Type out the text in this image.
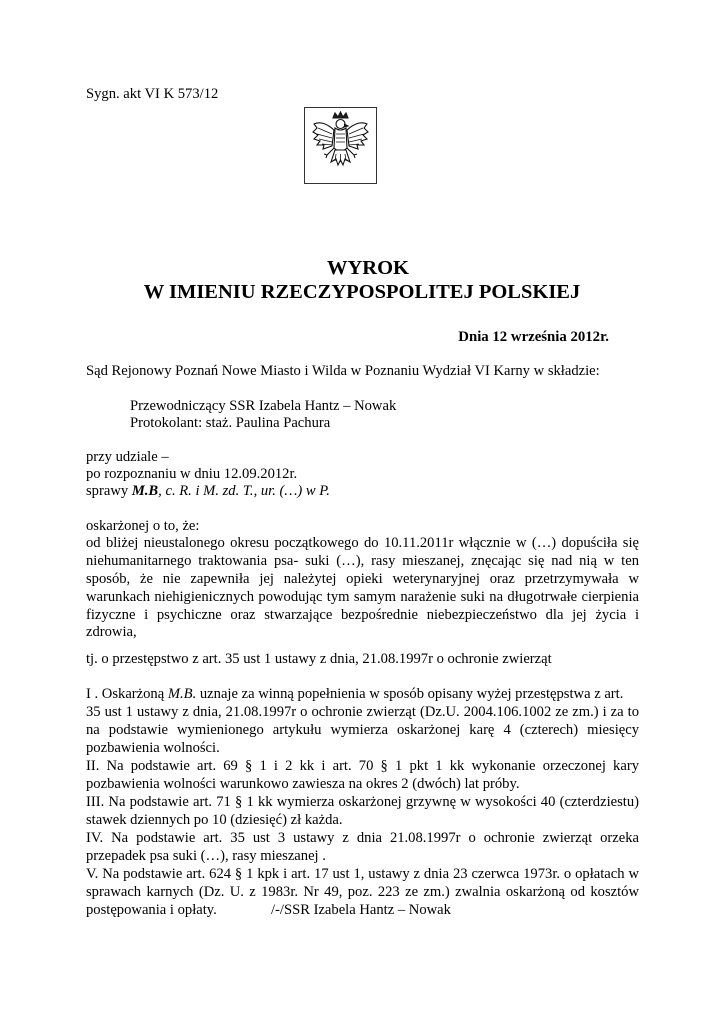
Sygn. akt VI K 573/12
WYROK
W IMIENIU RZECZYPOSPOLITEJ POLSKIEJ
Dnia 12 września 2012r.
Sąd Rejonowy Poznań Nowe Miasto i Wilda w Poznaniu Wydział VI Karny w składzie:
Przewodniczący SSR Izabela Hantz – Nowak
Protokolant: staż. Paulina Pachura
przy udziale –
po rozpoznaniu w dniu 12.09.2012r.
sprawy M.B, c. R. i M. zd. T., ur. (…) w P.
oskarżonej o to, że:
od bliżej nieustalonego okresu początkowego do 10.11.2011r włącznie w (…) dopuściła się
niehumanitarnego traktowania psa- suki (…), rasy mieszanej, znęcając się nad nią w ten
sposób, że nie zapewniła jej należytej opieki weterynaryjnej oraz przetrzymywała w
warunkach niehigienicznych powodując tym samym narażenie suki na długotrwałe cierpienia
fizyczne i psychiczne oraz stwarzające bezpośrednie niebezpieczeństwo dla jej życia i
zdrowia,
tj. o przestępstwo z art. 35 ust 1 ustawy z dnia, 21.08.1997r o ochronie zwierząt
I . Oskarżoną M.B. uznaje za winną popełnienia w sposób opisany wyżej przestępstwa z art.
35 ust 1 ustawy z dnia, 21.08.1997r o ochronie zwierząt (Dz.U. 2004.106.1002 ze zm.) i za to
na podstawie wymienionego artykułu wymierza oskarżonej karę 4 (czterech) miesięcy
pozbawienia wolności.
II. Na podstawie art. 69 § 1 i 2 kk i art. 70 § 1 pkt 1 kk wykonanie orzeczonej kary
pozbawienia wolności warunkowo zawiesza na okres 2 (dwóch) lat próby.
III. Na podstawie art. 71 § 1 kk wymierza oskarżonej grzywnę w wysokości 40 (czterdziestu)
stawek dziennych po 10 (dziesięć) zł każda.
IV. Na podstawie art. 35 ust 3 ustawy z dnia 21.08.1997r o ochronie zwierząt orzeka
przepadek psa suki (…), rasy mieszanej .
V. Na podstawie art. 624 § 1 kpk i art. 17 ust 1, ustawy z dnia 23 czerwca 1973r. o opłatach w
sprawach karnych (Dz. U. z 1983r. Nr 49, poz. 223 ze zm.) zwalnia oskarżoną od kosztów
postępowania i opłaty.	/-/SSR Izabela Hantz – Nowak
